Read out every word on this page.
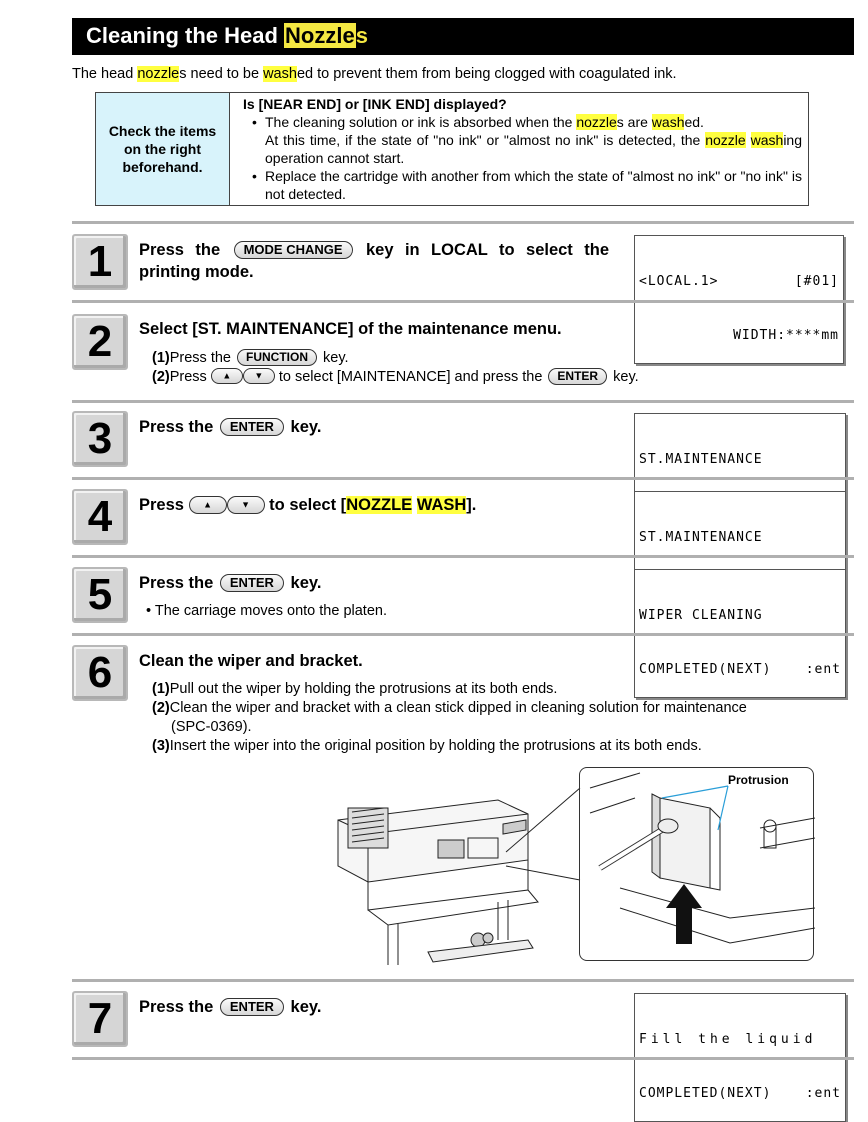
Cleaning the Head Nozzles
The head nozzles need to be washed to prevent them from being clogged with coagulated ink.
Check the items on the right beforehand.
Is [NEAR END] or [INK END] displayed?
• The cleaning solution or ink is absorbed when the nozzles are washed.
At this time, if the state of "no ink" or "almost no ink" is detected, the nozzle washing operation cannot start.
• Replace the cartridge with another from which the state of "almost no ink" or "no ink" is not detected.
1	Press the MODE CHANGE key in LOCAL to select the printing mode.

<LOCAL.1>	[#01]

WIDTH:****mm

2	Select [ST. MAINTENANCE] of the maintenance menu.
(1)Press the FUNCTION key.
(2)Press ▲	▼ to select [MAINTENANCE] and press the ENTER key.
3	Press the ENTER key.

ST.MAINTENANCE

4	Press ▲	▼ to select [NOZZLE WASH].

ST.MAINTENANCE

5	Press the ENTER key.
• The carriage moves onto the platen.

	WIPER CLEANING

COMPLETED(NEXT)	:ent

6	Clean the wiper and bracket.
(1)Pull out the wiper by holding the protrusions at its both ends.
(2)Clean the wiper and bracket with a clean stick dipped in cleaning solution for maintenance
(SPC-0369).
(3)Insert the wiper into the original position by holding the protrusions at its both ends.
Protrusion
7	Press the ENTER key.

Fill the liquid

COMPLETED(NEXT)	:ent
